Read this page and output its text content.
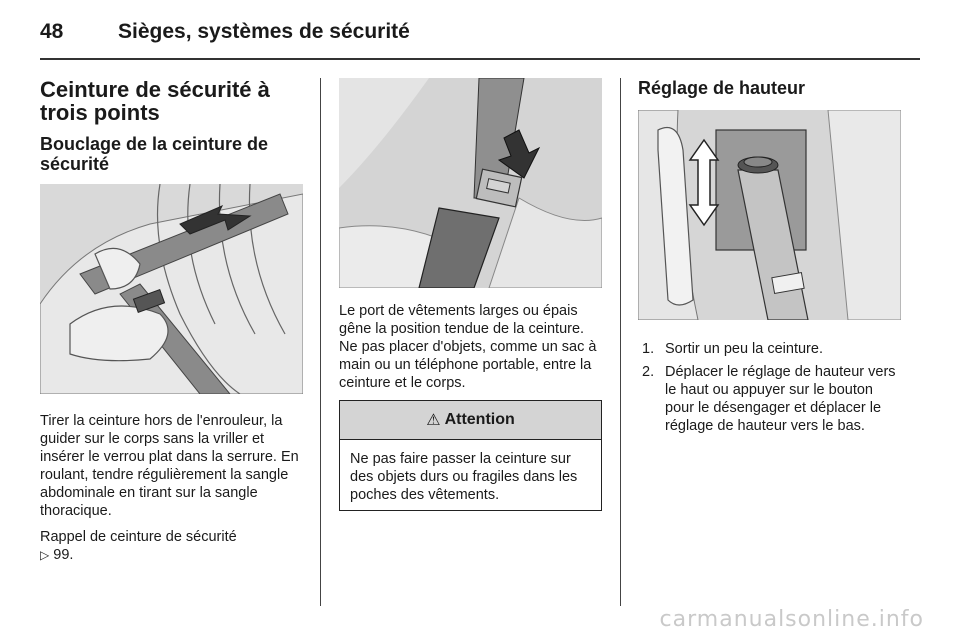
48	Sièges, systèmes de sécurité
Ceinture de sécurité à trois points
Bouclage de la ceinture de sécurité

Tirer la ceinture hors de l'enrouleur, la guider sur le corps sans la vriller et insérer le verrou plat dans la serrure. En roulant, tendre régulièrement la sangle abdominale en tirant sur la sangle thoracique.

Rappel de ceinture de sécurité
▷ 99.

Le port de vêtements larges ou épais gêne la position tendue de la ceinture. Ne pas placer d'objets, comme un sac à main ou un téléphone portable, entre la ceinture et le corps.

⚠ Attention

Ne pas faire passer la ceinture sur des objets durs ou fragiles dans les poches des vêtements.

Réglage de hauteur
1. Sortir un peu la ceinture.
2. Déplacer le réglage de hauteur vers le haut ou appuyer sur le bouton pour le désengager et déplacer le réglage de hauteur vers le bas.
carmanualsonline.info
